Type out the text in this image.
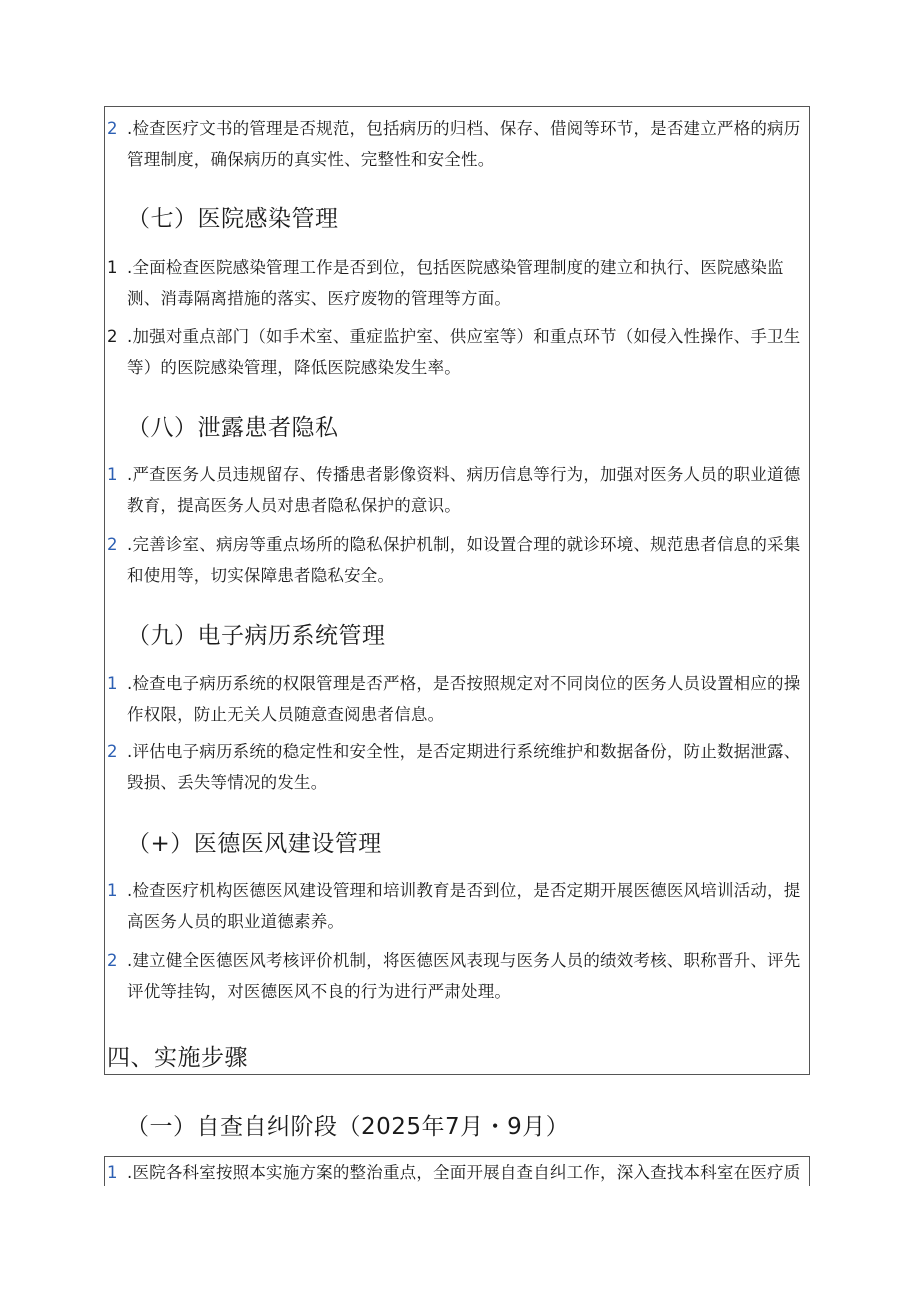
2 .检查医疗文书的管理是否规范，包括病历的归档、保存、借阅等环节，是否建立严格的病历管理制度，确保病历的真实性、完整性和安全性。
（七）医院感染管理
1 .全面检查医院感染管理工作是否到位，包括医院感染管理制度的建立和执行、医院感染监测、消毒隔离措施的落实、医疗废物的管理等方面。
2 .加强对重点部门（如手术室、重症监护室、供应室等）和重点环节（如侵入性操作、手卫生等）的医院感染管理，降低医院感染发生率。
（八）泄露患者隐私
1 .严查医务人员违规留存、传播患者影像资料、病历信息等行为，加强对医务人员的职业道德教育，提高医务人员对患者隐私保护的意识。
2 .完善诊室、病房等重点场所的隐私保护机制，如设置合理的就诊环境、规范患者信息的采集和使用等，切实保障患者隐私安全。
（九）电子病历系统管理
1 .检查电子病历系统的权限管理是否严格，是否按照规定对不同岗位的医务人员设置相应的操作权限，防止无关人员随意查阅患者信息。
2 .评估电子病历系统的稳定性和安全性，是否定期进行系统维护和数据备份，防止数据泄露、毁损、丢失等情况的发生。
（+）医德医风建设管理
1 .检查医疗机构医德医风建设管理和培训教育是否到位，是否定期开展医德医风培训活动，提高医务人员的职业道德素养。
2 .建立健全医德医风考核评价机制，将医德医风表现与医务人员的绩效考核、职称晋升、评先评优等挂钩，对医德医风不良的行为进行严肃处理。
四、实施步骤
（一）自查自纠阶段（2025年7月・9月）
1 .医院各科室按照本实施方案的整治重点，全面开展自查自纠工作，深入查找本科室在医疗质
